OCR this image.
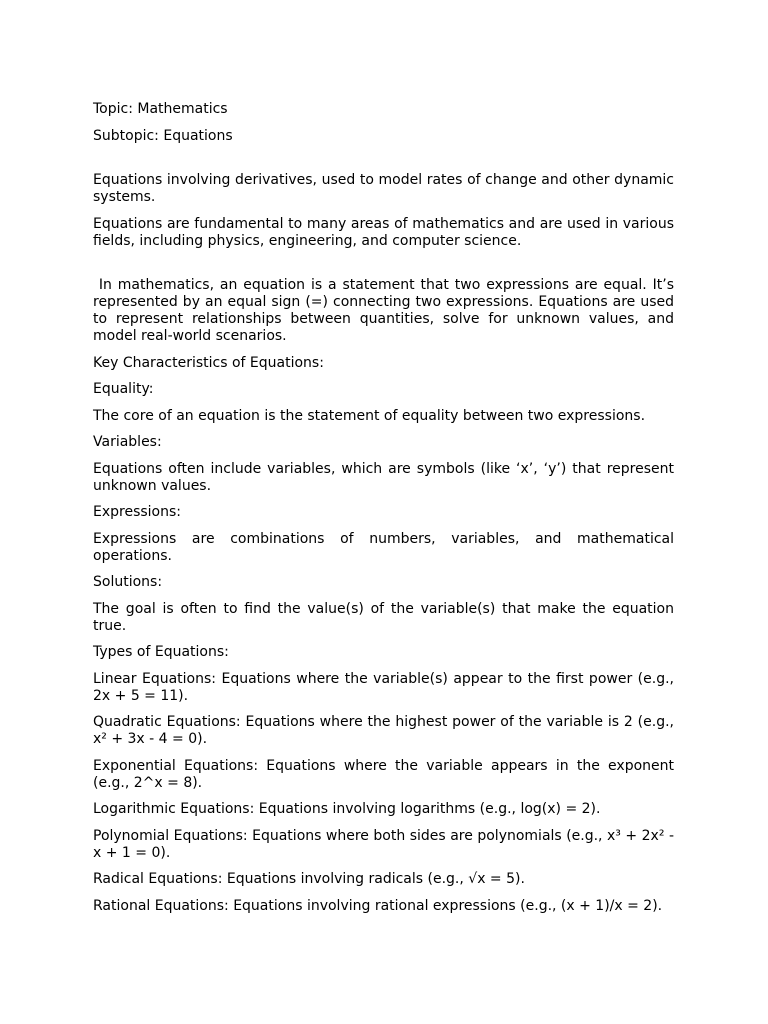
Topic: Mathematics

Subtopic: Equations

Equations involving derivatives, used to model rates of change and other dynamic systems.

Equations are fundamental to many areas of mathematics and are used in various fields, including physics, engineering, and computer science.

In mathematics, an equation is a statement that two expressions are equal. It’s represented by an equal sign (=) connecting two expressions. Equations are used to represent relationships between quantities, solve for unknown values, and model real-world scenarios.

Key Characteristics of Equations:

Equality:

The core of an equation is the statement of equality between two expressions.

Variables:

Equations often include variables, which are symbols (like ‘x’, ‘y’) that represent unknown values.

Expressions:

Expressions are combinations of numbers, variables, and mathematical operations.

Solutions:

The goal is often to find the value(s) of the variable(s) that make the equation true.

Types of Equations:

Linear Equations: Equations where the variable(s) appear to the first power (e.g., 2x + 5 = 11).

Quadratic Equations: Equations where the highest power of the variable is 2 (e.g., x² + 3x - 4 = 0).

Exponential Equations: Equations where the variable appears in the exponent (e.g., 2^x = 8).

Logarithmic Equations: Equations involving logarithms (e.g., log(x) = 2).

Polynomial Equations: Equations where both sides are polynomials (e.g., x³ + 2x² - x + 1 = 0).

Radical Equations: Equations involving radicals (e.g., √x = 5).

Rational Equations: Equations involving rational expressions (e.g., (x + 1)/x = 2).
